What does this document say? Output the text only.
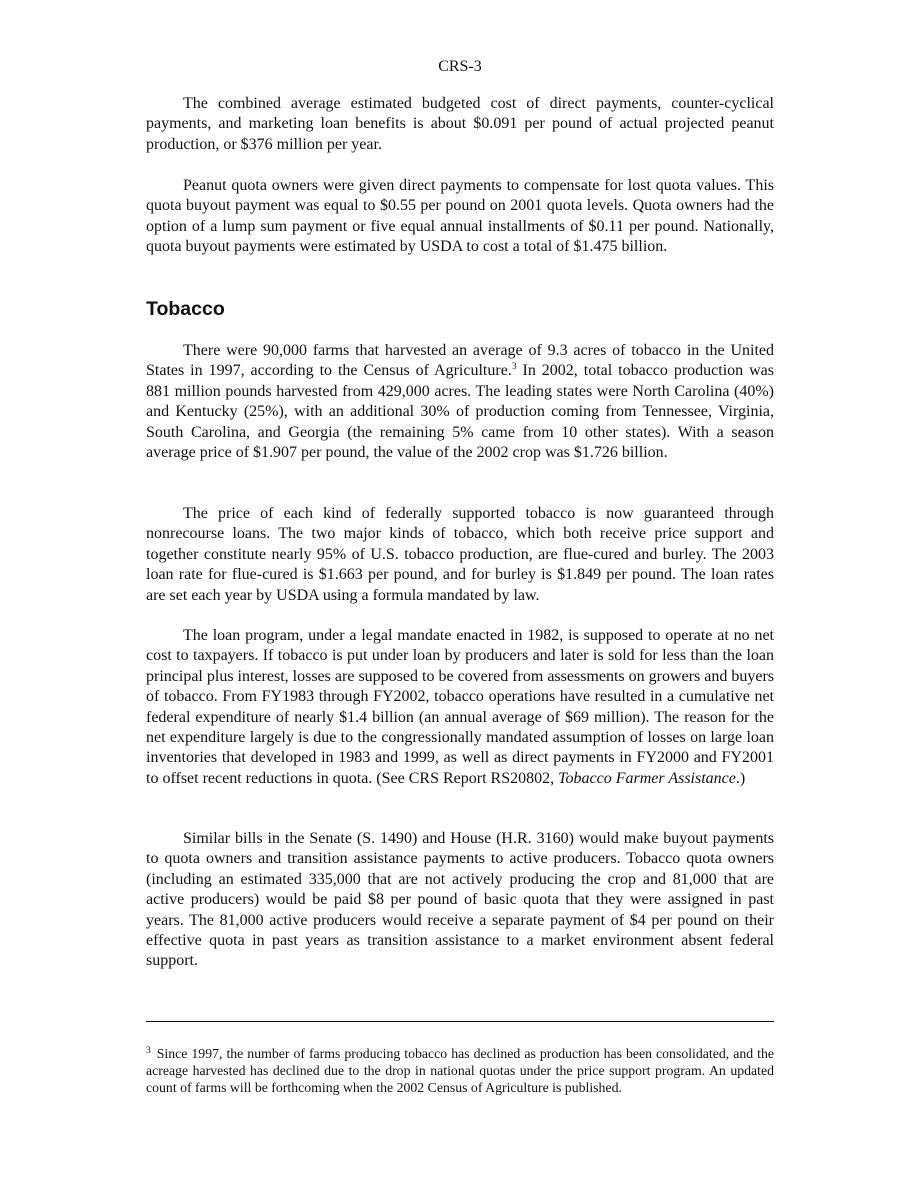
CRS-3

The combined average estimated budgeted cost of direct payments, counter-cyclical payments, and marketing loan benefits is about $0.091 per pound of actual projected peanut production, or $376 million per year.

Peanut quota owners were given direct payments to compensate for lost quota values. This quota buyout payment was equal to $0.55 per pound on 2001 quota levels. Quota owners had the option of a lump sum payment or five equal annual installments of $0.11 per pound. Nationally, quota buyout payments were estimated by USDA to cost a total of $1.475 billion.

Tobacco

There were 90,000 farms that harvested an average of 9.3 acres of tobacco in the United States in 1997, according to the Census of Agriculture.$^3$ In 2002, total tobacco production was 881 million pounds harvested from 429,000 acres. The leading states were North Carolina (40%) and Kentucky (25%), with an additional 30% of production coming from Tennessee, Virginia, South Carolina, and Georgia (the remaining 5% came from 10 other states). With a season average price of $1.907 per pound, the value of the 2002 crop was $1.726 billion.

The price of each kind of federally supported tobacco is now guaranteed through nonrecourse loans. The two major kinds of tobacco, which both receive price support and together constitute nearly 95% of U.S. tobacco production, are flue-cured and burley. The 2003 loan rate for flue-cured is $1.663 per pound, and for burley is $1.849 per pound. The loan rates are set each year by USDA using a formula mandated by law.

The loan program, under a legal mandate enacted in 1982, is supposed to operate at no net cost to taxpayers. If tobacco is put under loan by producers and later is sold for less than the loan principal plus interest, losses are supposed to be covered from assessments on growers and buyers of tobacco. From FY1983 through FY2002, tobacco operations have resulted in a cumulative net federal expenditure of nearly $1.4 billion (an annual average of $69 million). The reason for the net expenditure largely is due to the congressionally mandated assumption of losses on large loan inventories that developed in 1983 and 1999, as well as direct payments in FY2000 and FY2001 to offset recent reductions in quota. (See CRS Report RS20802, Tobacco Farmer Assistance.)

Similar bills in the Senate (S. 1490) and House (H.R. 3160) would make buyout payments to quota owners and transition assistance payments to active producers. Tobacco quota owners (including an estimated 335,000 that are not actively producing the crop and 81,000 that are active producers) would be paid $8 per pound of basic quota that they were assigned in past years. The 81,000 active producers would receive a separate payment of $4 per pound on their effective quota in past years as transition assistance to a market environment absent federal support.

$^3$ Since 1997, the number of farms producing tobacco has declined as production has been consolidated, and the acreage harvested has declined due to the drop in national quotas under the price support program. An updated count of farms will be forthcoming when the 2002 Census of Agriculture is published.
